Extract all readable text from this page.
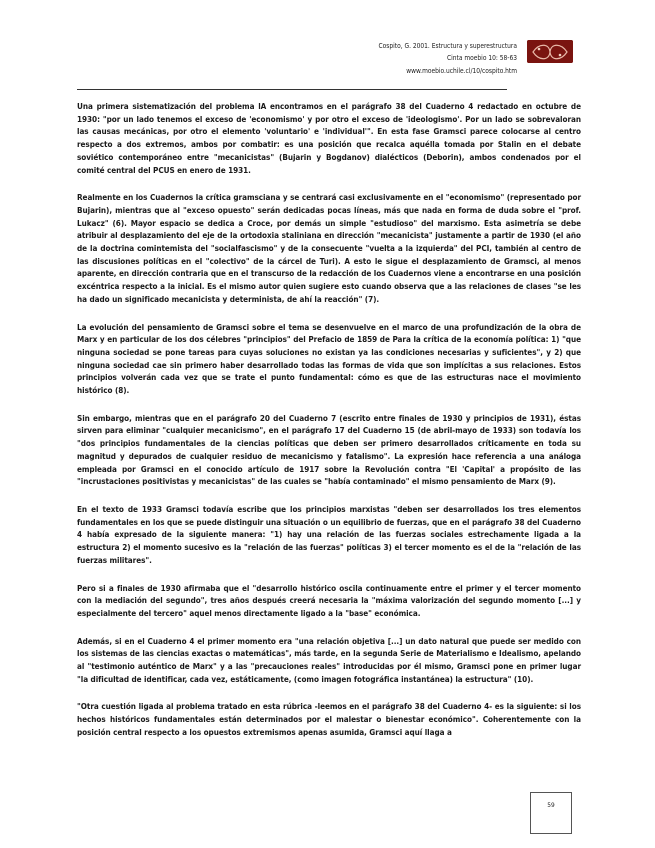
Cospito, G. 2001. Estructura y superestructura
Cinta moebio 10: 58-63
www.moebio.uchile.cl/10/cospito.htm

Una primera sistematización del problema lA encontramos en el parágrafo 38 del Cuaderno 4 redactado en octubre de 1930: "por un lado tenemos el exceso de 'economismo' y por otro el exceso de 'ideologismo'. Por un lado se sobrevaloran las causas mecánicas, por otro el elemento 'voluntario' e 'individual'". En esta fase Gramsci parece colocarse al centro respecto a dos extremos, ambos por combatir: es una posición que recalca aquélla tomada por Stalin en el debate soviético contemporáneo entre "mecanicistas" (Bujarin y Bogdanov) dialécticos (Deborin), ambos condenados por el comité central del PCUS en enero de 1931.

Realmente en los Cuadernos la crítica gramsciana y se centrará casi exclusivamente en el "economismo" (representado por Bujarin), mientras que al "exceso opuesto" serán dedicadas pocas líneas, más que nada en forma de duda sobre el "prof. Lukacz" (6). Mayor espacio se dedica a Croce, por demás un simple "estudioso" del marxismo. Esta asimetría se debe atribuir al desplazamiento del eje de la ortodoxia staliniana en dirección "mecanicista" justamente a partir de 1930 (el año de la doctrina comintemista del "socialfascismo" y de la consecuente "vuelta a la izquierda" del PCI, también al centro de las discusiones políticas en el "colectivo" de la cárcel de Turi). A esto le sigue el desplazamiento de Gramsci, al menos aparente, en dirección contraria que en el transcurso de la redacción de los Cuadernos viene a encontrarse en una posición excéntrica respecto a la inicial. Es el mismo autor quien sugiere esto cuando observa que a las relaciones de clases "se les ha dado un significado mecanicista y determinista, de ahí la reacción" (7).

La evolución del pensamiento de Gramsci sobre el tema se desenvuelve en el marco de una profundización de la obra de Marx y en particular de los dos célebres "principios" del Prefacio de 1859 de Para la crítica de la economía política: 1) "que ninguna sociedad se pone tareas para cuyas soluciones no existan ya las condiciones necesarias y suficientes", y 2) que ninguna sociedad cae sin primero haber desarrollado todas las formas de vida que son implícitas a sus relaciones. Estos principios volverán cada vez que se trate el punto fundamental: cómo es que de las estructuras nace el movimiento histórico (8).

Sin embargo, mientras que en el parágrafo 20 del Cuaderno 7 (escrito entre finales de 1930 y principios de 1931), éstas sirven para eliminar "cualquier mecanicismo", en el parágrafo 17 del Cuaderno 15 (de abril-mayo de 1933) son todavía los "dos principios fundamentales de la ciencias políticas que deben ser primero desarrollados críticamente en toda su magnitud y depurados de cualquier residuo de mecanicismo y fatalismo". La expresión hace referencia a una análoga empleada por Gramsci en el conocido artículo de 1917 sobre la Revolución contra "El 'Capital' a propósito de las "incrustaciones positivistas y mecanicistas" de las cuales se "había contaminado" el mismo pensamiento de Marx (9).

En el texto de 1933 Gramsci todavía escribe que los principios marxistas "deben ser desarrollados los tres elementos fundamentales en los que se puede distinguir una situación o un equilibrio de fuerzas, que en el parágrafo 38 del Cuaderno 4 había expresado de la siguiente manera: "1) hay una relación de las fuerzas sociales estrechamente ligada a la estructura 2) el momento sucesivo es la "relación de las fuerzas" políticas 3) el tercer momento es el de la "relación de las fuerzas militares".

Pero si a finales de 1930 afirmaba que el "desarrollo histórico oscila continuamente entre el primer y el tercer momento con la mediación del segundo", tres años después creerá necesaria la "máxima valorización del segundo momento [...] y especialmente del tercero" aquel menos directamente ligado a la "base" económica.

Además, si en el Cuaderno 4 el primer momento era "una relación objetiva [...] un dato natural que puede ser medido con los sistemas de las ciencias exactas o matemáticas", más tarde, en la segunda Serie de Materialismo e Idealismo, apelando al "testimonio auténtico de Marx" y a las "precauciones reales" introducidas por él mismo, Gramsci pone en primer lugar "la dificultad de identificar, cada vez, estáticamente, (como imagen fotográfica instantánea) la estructura" (10).

"Otra cuestión ligada al problema tratado en esta rúbrica -leemos en el parágrafo 38 del Cuaderno 4- es la siguiente: si los hechos históricos fundamentales están determinados por el malestar o bienestar económico". Coherentemente con la posición central respecto a los opuestos extremismos apenas asumida, Gramsci aquí llaga a

59
